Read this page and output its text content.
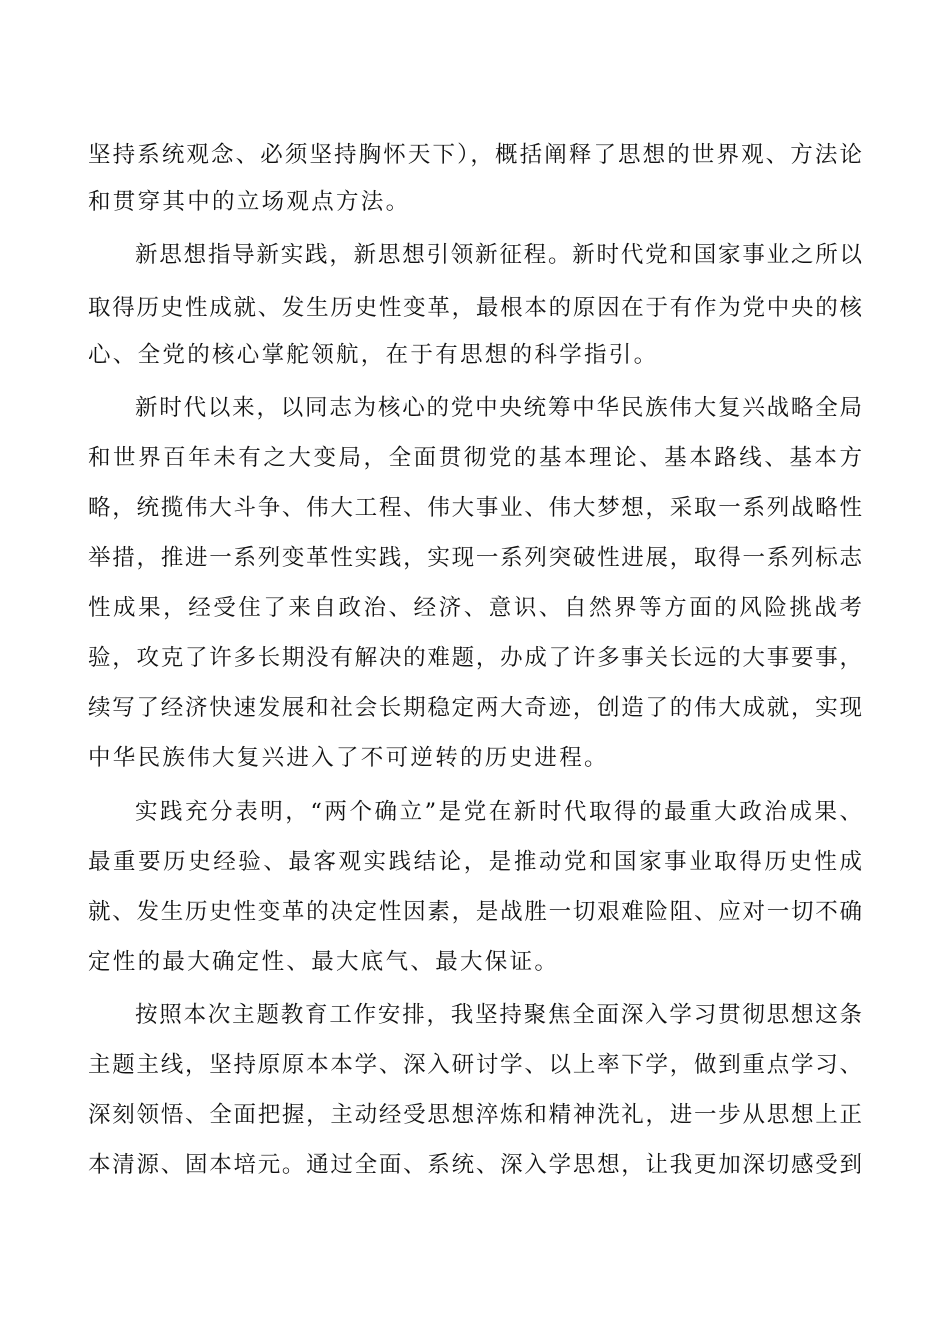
坚持系统观念、必须坚持胸怀天下），概括阐释了思想的世界观、方法论
和贯穿其中的立场观点方法。
新思想指导新实践，新思想引领新征程。新时代党和国家事业之所以
取得历史性成就、发生历史性变革，最根本的原因在于有作为党中央的核
心、全党的核心掌舵领航，在于有思想的科学指引。
新时代以来，以同志为核心的党中央统筹中华民族伟大复兴战略全局
和世界百年未有之大变局，全面贯彻党的基本理论、基本路线、基本方
略，统揽伟大斗争、伟大工程、伟大事业、伟大梦想，采取一系列战略性
举措，推进一系列变革性实践，实现一系列突破性进展，取得一系列标志
性成果，经受住了来自政治、经济、意识、自然界等方面的风险挑战考
验，攻克了许多长期没有解决的难题，办成了许多事关长远的大事要事，
续写了经济快速发展和社会长期稳定两大奇迹，创造了的伟大成就，实现
中华民族伟大复兴进入了不可逆转的历史进程。
实践充分表明，“两个确立”是党在新时代取得的最重大政治成果、
最重要历史经验、最客观实践结论，是推动党和国家事业取得历史性成
就、发生历史性变革的决定性因素，是战胜一切艰难险阻、应对一切不确
定性的最大确定性、最大底气、最大保证。
按照本次主题教育工作安排，我坚持聚焦全面深入学习贯彻思想这条
主题主线，坚持原原本本学、深入研讨学、以上率下学，做到重点学习、
深刻领悟、全面把握，主动经受思想淬炼和精神洗礼，进一步从思想上正
本清源、固本培元。通过全面、系统、深入学思想，让我更加深切感受到
